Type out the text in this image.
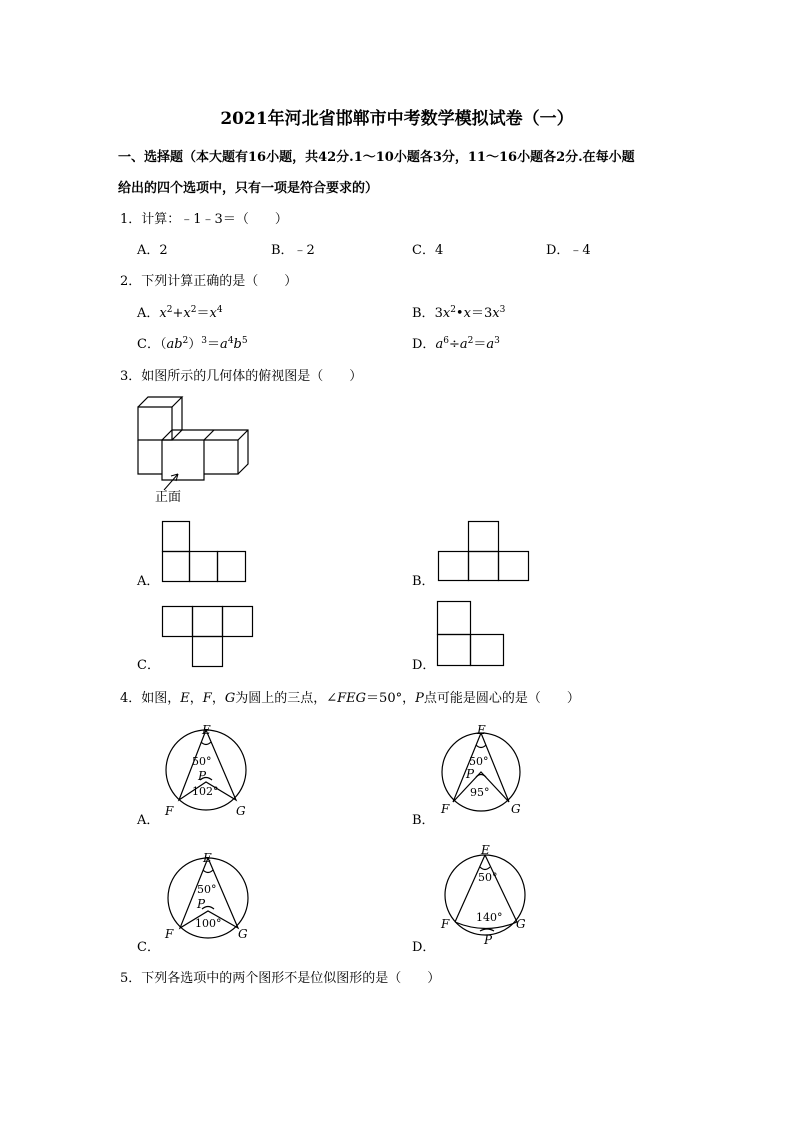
2021年河北省邯郸市中考数学模拟试卷（一）
一、选择题（本大题有16小题，共42分.1～10小题各3分，11～16小题各2分.在每小题
给出的四个选项中，只有一项是符合要求的）
1．计算：﹣1﹣3＝（　　）
A．2	B．﹣2	C．4	D．﹣4
2．下列计算正确的是（　　）
A．$x^2+x^2=x^4$	B．$3x^2•x=3x^3$
C．$(ab^2)^3=a^4b^5$	D．$a^6\div a^2=a^3$
3．如图所示的几何体的俯视图是（　　）
正面
A．	B．
C．	D．
4．如图，E，F，G为圆上的三点，∠FEG＝50°，P点可能是圆心的是（　　）
A．
E
50°
P
102°
F	G
B．
E
50°
P
95°
F	G
C．
E
50°
P
100°
F	G
D．
E
50°
140°
P
F	G
5．下列各选项中的两个图形不是位似图形的是（　　）
